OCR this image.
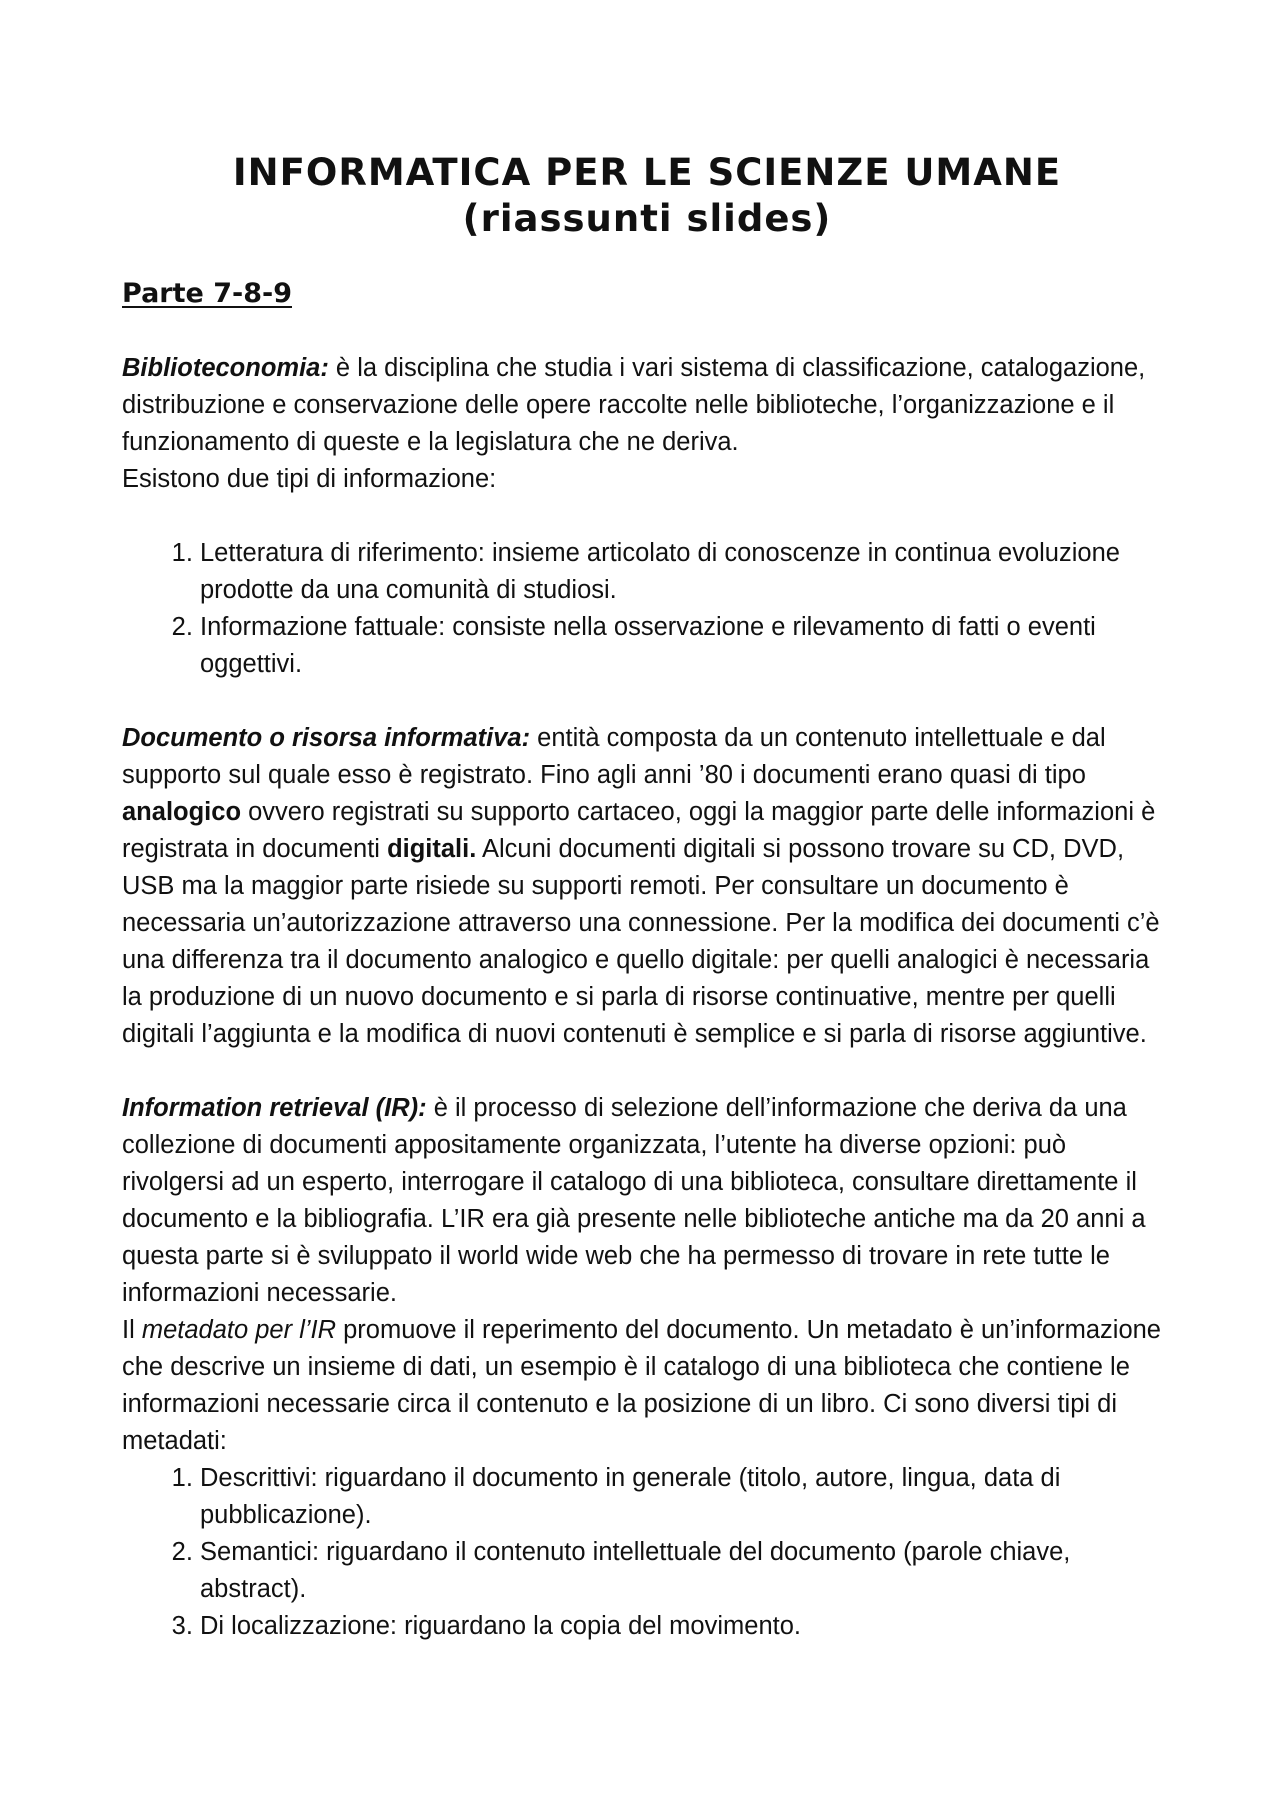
INFORMATICA PER LE SCIENZE UMANE
(riassunti slides)
Parte 7-8-9

Biblioteconomia: è la disciplina che studia i vari sistema di classificazione, catalogazione, distribuzione e conservazione delle opere raccolte nelle biblioteche, l’organizzazione e il funzionamento di queste e la legislatura che ne deriva.

Esistono due tipi di informazione:

1. Letteratura di riferimento: insieme articolato di conoscenze in continua evoluzione prodotte da una comunità di studiosi.
2. Informazione fattuale: consiste nella osservazione e rilevamento di fatti o eventi oggettivi.

Documento o risorsa informativa: entità composta da un contenuto intellettuale e dal supporto sul quale esso è registrato. Fino agli anni ’80 i documenti erano quasi di tipo analogico ovvero registrati su supporto cartaceo, oggi la maggior parte delle informazioni è registrata in documenti digitali. Alcuni documenti digitali si possono trovare su CD, DVD, USB ma la maggior parte risiede su supporti remoti. Per consultare un documento è necessaria un’autorizzazione attraverso una connessione. Per la modifica dei documenti c’è una differenza tra il documento analogico e quello digitale: per quelli analogici è necessaria la produzione di un nuovo documento e si parla di risorse continuative, mentre per quelli digitali l’aggiunta e la modifica di nuovi contenuti è semplice e si parla di risorse aggiuntive.

Information retrieval (IR): è il processo di selezione dell’informazione che deriva da una collezione di documenti appositamente organizzata, l’utente ha diverse opzioni: può rivolgersi ad un esperto, interrogare il catalogo di una biblioteca, consultare direttamente il documento e la bibliografia. L’IR era già presente nelle biblioteche antiche ma da 20 anni a questa parte si è sviluppato il world wide web che ha permesso di trovare in rete tutte le informazioni necessarie.

Il metadato per l’IR promuove il reperimento del documento. Un metadato è un’informazione che descrive un insieme di dati, un esempio è il catalogo di una biblioteca che contiene le informazioni necessarie circa il contenuto e la posizione di un libro. Ci sono diversi tipi di metadati:

1. Descrittivi: riguardano il documento in generale (titolo, autore, lingua, data di pubblicazione).
2. Semantici: riguardano il contenuto intellettuale del documento (parole chiave, abstract).
3. Di localizzazione: riguardano la copia del movimento.
